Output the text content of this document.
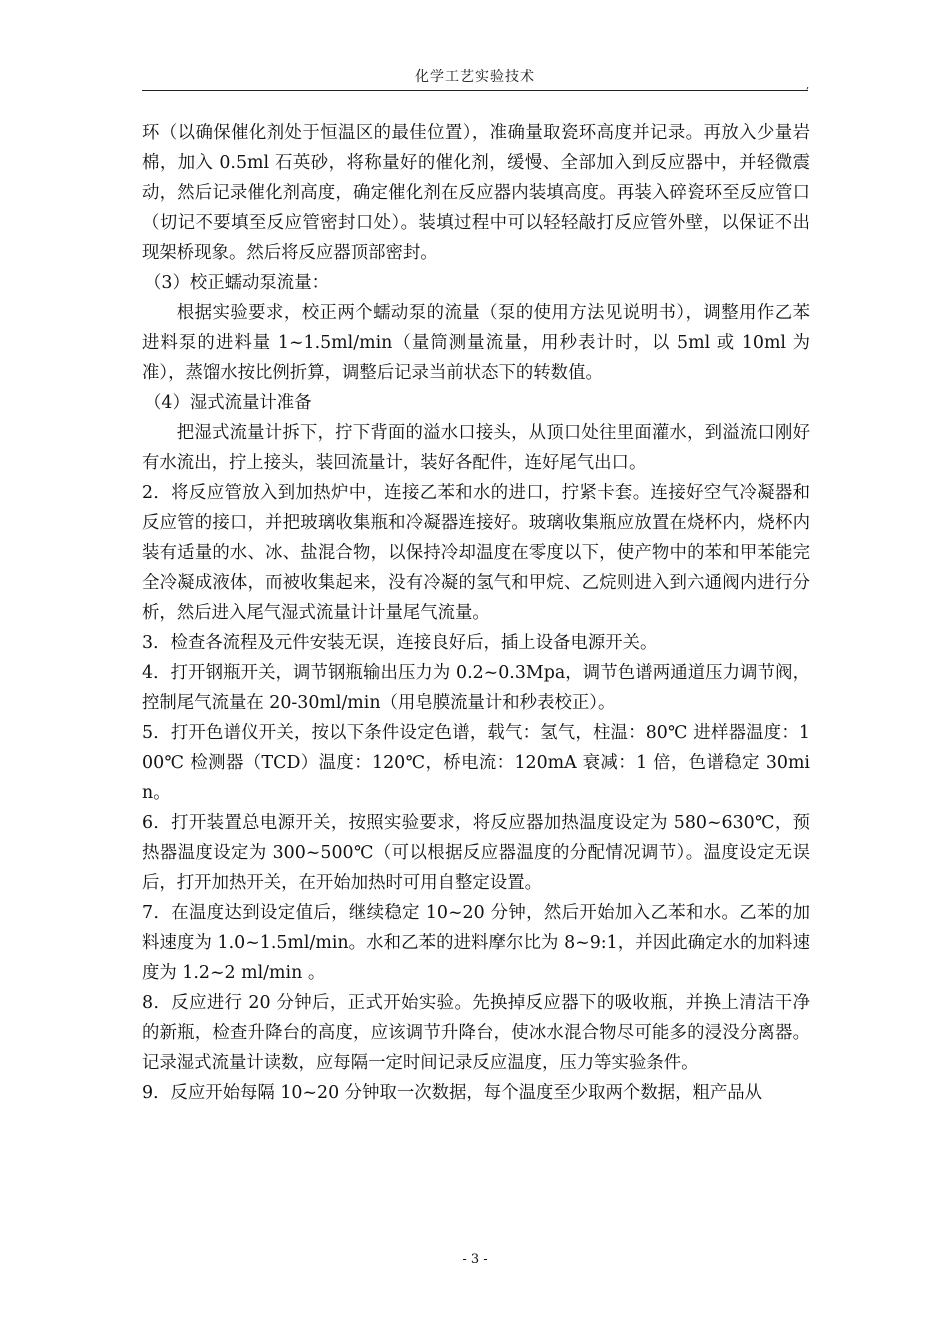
化学工艺实验技术
,

环（以确保催化剂处于恒温区的最佳位置），准确量取瓷环高度并记录。再放入少量岩棉，加入 0.5ml 石英砂，将称量好的催化剂，缓慢、全部加入到反应器中，并轻微震动，然后记录催化剂高度，确定催化剂在反应器内装填高度。再装入碎瓷环至反应管口（切记不要填至反应管密封口处）。装填过程中可以轻轻敲打反应管外壁，以保证不出现架桥现象。然后将反应器顶部密封。

（3）校正蠕动泵流量：

根据实验要求，校正两个蠕动泵的流量（泵的使用方法见说明书），调整用作乙苯进料泵的进料量 1~1.5ml/min（量筒测量流量，用秒表计时，以 5ml 或 10ml 为准），蒸馏水按比例折算，调整后记录当前状态下的转数值。

（4）湿式流量计准备

把湿式流量计拆下，拧下背面的溢水口接头，从顶口处往里面灌水，到溢流口刚好有水流出，拧上接头，装回流量计，装好各配件，连好尾气出口。

2．将反应管放入到加热炉中，连接乙苯和水的进口，拧紧卡套。连接好空气冷凝器和反应管的接口，并把玻璃收集瓶和冷凝器连接好。玻璃收集瓶应放置在烧杯内，烧杯内装有适量的水、冰、盐混合物，以保持冷却温度在零度以下，使产物中的苯和甲苯能完全冷凝成液体，而被收集起来，没有冷凝的氢气和甲烷、乙烷则进入到六通阀内进行分析，然后进入尾气湿式流量计计量尾气流量。

3．检查各流程及元件安装无误，连接良好后，插上设备电源开关。

4．打开钢瓶开关，调节钢瓶输出压力为 0.2~0.3Mpa，调节色谱两通道压力调节阀，控制尾气流量在 20-30ml/min（用皂膜流量计和秒表校正）。

5．打开色谱仪开关，按以下条件设定色谱，载气：氢气，柱温：80℃ 进样器温度：100℃ 检测器（TCD）温度：120℃，桥电流：120mA 衰减：1 倍，色谱稳定 30min。

6．打开装置总电源开关，按照实验要求，将反应器加热温度设定为 580~630℃，预热器温度设定为 300~500℃（可以根据反应器温度的分配情况调节）。温度设定无误后，打开加热开关，在开始加热时可用自整定设置。

7．在温度达到设定值后，继续稳定 10~20 分钟，然后开始加入乙苯和水。乙苯的加料速度为 1.0~1.5ml/min。水和乙苯的进料摩尔比为 8~9:1，并因此确定水的加料速度为 1.2~2 ml/min 。

8．反应进行 20 分钟后，正式开始实验。先换掉反应器下的吸收瓶，并换上清洁干净的新瓶，检查升降台的高度，应该调节升降台，使冰水混合物尽可能多的浸没分离器。记录湿式流量计读数，应每隔一定时间记录反应温度，压力等实验条件。

9．反应开始每隔 10~20 分钟取一次数据，每个温度至少取两个数据，粗产品从

- 3 -
